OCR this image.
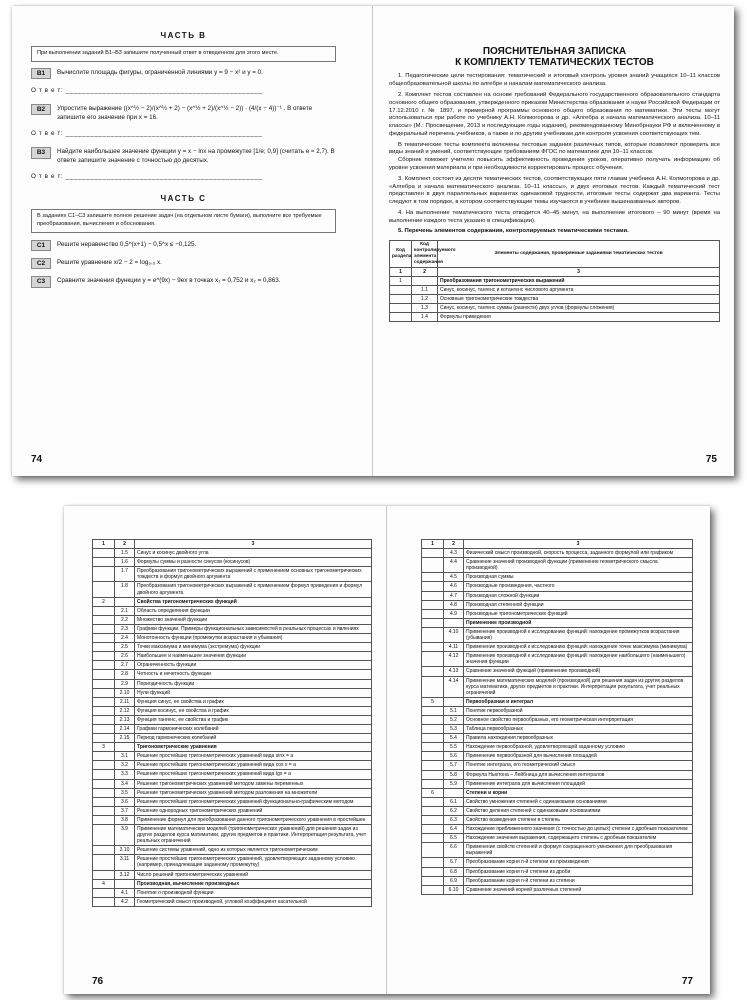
ЧАСТЬ В
При выполнении заданий В1–В3 запишите полученный ответ в отведенном для этого месте.
B1	Вычислите площадь фигуры, ограниченной линиями y = 9 − x² и y = 0.
О т в е т: ________________________________________________
B2	Упростите выражение ((x^½ − 2)/(x^½ + 2) − (x^½ + 2)/(x^½ − 2)) · (4/(x − 4))⁻¹ . В ответе запишите его значение при x = 16.
О т в е т: ________________________________________________
B3	Найдите наибольшее значение функции y = x − lnx на промежутке [1/e; 0,9] (считать e ≈ 2,7). В ответе запишите значение с точностью до десятых.
О т в е т: ________________________________________________
ЧАСТЬ С
В заданиях С1–С3 запишите полное решение задач (на отдельном листе бумаги), выполните все требуемые преобразования, вычисления и обоснования.
C1	Решите неравенство 0,5^(x+1) − 0,5^x ≤ −0,125.
C2	Решите уравнение x/2 − 2 = log₀,₅ x.
C3	Сравните значения функции y = e^(9x) − 9ex в точках x₁ = 0,752 и x₂ = 0,863.
74
ПОЯСНИТЕЛЬНАЯ ЗАПИСКА
К КОМПЛЕКТУ ТЕМАТИЧЕСКИХ ТЕСТОВ
1. Педагогические цели тестирования: тематический и итоговый контроль уровня знаний учащихся 10–11 классов общеобразовательной школы по алгебре и началам математического анализа.
2. Комплект тестов составлен на основе требований Федерального государственного образовательного стандарта основного общего образования, утвержденного приказом Министерства образования и науки Российской Федерации от 17.12.2010 г. № 1897, и примерной программы основного общего образования по математике. Эти тесты могут использоваться при работе по учебнику А.Н. Колмогорова и др. «Алгебра и начала математического анализа. 10–11 классы» (М.: Просвещение, 2013 и последующие годы издания), рекомендованному Минобрнауки РФ и включенному в федеральный перечень учебников, а также и по другим учебникам для контроля усвоения соответствующих тем.
В тематические тесты комплекта включены тестовые задания различных типов, которые позволяют проверить все виды знаний и умений, соответствующие требованиям ФГОС по математике для 10–11 классов.
Сборник поможет учителю повысить эффективность проведения уроков, оперативно получать информацию об уровне усвоения материала и при необходимости корректировать процесс обучения.
3. Комплект состоит из десяти тематических тестов, соответствующих пяти главам учебника А.Н. Колмогорова и др. «Алгебра и начала математического анализа. 10–11 классы», и двух итоговых тестов. Каждый тематический тест представлен в двух параллельных вариантах одинаковой трудности, итоговые тесты содержат два варианта. Тесты следуют в том порядке, в котором соответствующие темы изучаются в учебнике вышеназванных авторов.
4. На выполнение тематического теста отводится 40–45 минут, на выполнение итогового – 90 минут (время на выполнение каждого теста указано в спецификации).
5. Перечень элементов содержания, контролируемых тематическими тестами.
Код раздела	Код контролируемого элемента содержания	Элементы содержания, проверяемые заданиями тематических тестов
1	2	3
1		Преобразования тригонометрических выражений
	1.1	Синус, косинус, тангенс и котангенс числового аргумента
	1.2	Основные тригонометрические тождества
	1.3	Синус, косинус, тангенс суммы (разности) двух углов (формулы сложения)
	1.4	Формулы приведения
75
1	2	3
	1.5	Синус и косинус двойного угла
	1.6	Формулы суммы и разности синусов (косинусов)
	1.7	Преобразования тригонометрических выражений с применением основных тригонометрических тождеств и формул двойного аргумента
	1.8	Преобразования тригонометрических выражений с применением формул приведения и формул двойного аргумента
2		Свойства тригонометрических функций
	2.1	Область определения функции
	2.2	Множество значений функции
	2.3	Графики функции. Примеры функциональных зависимостей в реальных процессах и явлениях
	2.4	Монотонность функции (промежутки возрастания и убывания)
	2.5	Точки максимума и минимума (экстремума) функции
	2.6	Наибольшее и наименьшее значения функции
	2.7	Ограниченность функции
	2.8	Четность и нечетность функции
	2.9	Периодичность функции
	2.10	Нули функций
	2.11	Функция синус, ее свойства и график
	2.12	Функция косинус, ее свойства и график
	2.13	Функция тангенс, ее свойства и график
	2.14	Графики гармонических колебаний
	2.15	Период гармонических колебаний
3		Тригонометрические уравнения
	3.1	Решение простейших тригонометрических уравнений вида sinx = a
	3.2	Решение простейших тригонометрических уравнений вида cos x = a
	3.3	Решение простейших тригонометрических уравнений вида tgx = a
	3.4	Решение тригонометрических уравнений методом замены переменных
	3.5	Решение тригонометрических уравнений методом разложения на множители
	3.6	Решение простейших тригонометрических уравнений функционально-графическим методом
	3.7	Решение однородных тригонометрических уравнений
	3.8	Применение формул для преобразования данного тригонометрического уравнения в простейшее
	3.9	Применение математических моделей (тригонометрических уравнений) для решения задач из других разделов курса математики, других предметов и практики. Интерпретация результата, учет реальных ограничений
	3.10	Решение системы уравнений, одно из которых является тригонометрическим
	3.11	Решение простейших тригонометрических уравнений, удовлетворяющих заданному условию (например, принадлежащие заданному промежутку)
	3.12	Число решений тригонометрических уравнений
4		Производная, вычисление производных
	4.1	Понятие о производной функции
	4.2	Геометрический смысл производной, угловой коэффициент касательной
76
1	2	3
	4.3	Физический смысл производной, скорость процесса, заданного формулой или графиком
	4.4	Сравнение значений производной функции (применение геометрического смысла производной)
	4.5	Производная суммы
	4.6	Производные произведения, частного
	4.7	Производная сложной функции
	4.8	Производная степенной функции
	4.9	Производные тригонометрических функций
		Применение производной
	4.10	Применение производной к исследованию функций: нахождение промежутков возрастания (убывания)
	4.11	Применение производной к исследованию функций: нахождение точек максимума (минимума)
	4.12	Применение производной к исследованию функций: нахождение наибольшего (наименьшего) значения функции
	4.13	Сравнение значений функций (применение производной)
	4.14	Применение математических моделей (производной) для решения задач из других разделов курса математики, других предметов и практики. Интерпретация результата, учет реальных ограничений
5		Первообразная и интеграл
	5.1	Понятие первообразной
	5.2	Основное свойство первообразных, его геометрическая интерпретация
	5.3	Таблица первообразных
	5.4	Правила нахождения первообразных
	5.5	Нахождение первообразной, удовлетворяющей заданному условию
	5.6	Применение первообразной для вычисления площадей
	5.7	Понятие интеграла, его геометрический смысл
	5.8	Формула Ньютона – Лейбница для вычисления интегралов
	5.9	Применение интеграла для вычисления площадей
6		Степени и корни
	6.1	Свойство умножения степеней с одинаковыми основаниями
	6.2	Свойство деления степеней с одинаковыми основаниями
	6.3	Свойство возведения степени в степень
	6.4	Нахождение приближенного значения (с точностью до целых) степени с дробным показателем
	6.5	Нахождение значения выражения, содержащего степень с дробным показателем
	6.6	Применение свойств степеней и формул сокращенного умножения для преобразования выражений
	6.7	Преобразование корня n-й степени из произведения
	6.8	Преобразование корня n-й степени из дроби
	6.9	Преобразование корня n-й степени из степени
	6.10	Сравнение значений корней различных степеней
77
